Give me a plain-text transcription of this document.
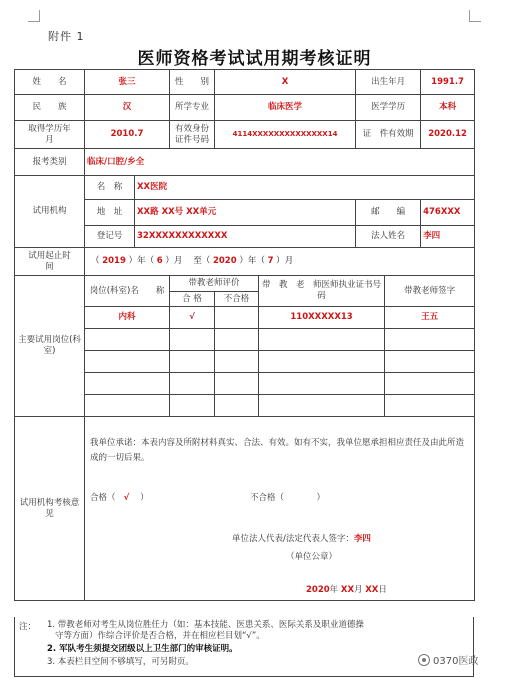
附件 1
医师资格考试试用期考核证明
姓　　名	张三		性　　别	X		出生年月		1991.7
民　　族	汉		所学专业	临床医学		医学学历		本科
取得学历年　　月	2010.7		有效身份证件号码	4114XXXXXXXXXXXXXX14		证　件有效期		2020.12
报考类别	临床/口腔/乡全							
试用机构	名　称	XX医院						
	地　址	XX路 XX号 XX单元				邮　　编		476XXX
	登记号	32XXXXXXXXXXXX				法人姓名		李四
试用起止时　　间	（ 2019 ）年（ 6 ）月 至（ 2020 ）年（ 7 ）月							
主要试用岗位(科室)	岗位(科室)名　　称		带教老师评价		带　教　老　师医师执业证书号码		带教老师签字	
			合 格	不合格				
	内科		√		110XXXXX13		王五	

试用机构考核意见								
我单位承诺：本表内容及所附材料真实、合法、有效。如有不实，我单位愿承担相应责任及由此所造成的一切后果。
合格（ √ ）	不合格（	）
单位法人代表/法定代表人签字：李四
（单位公章）
2020年 XX月 XX日
注： 1. 带教老师对考生从岗位胜任力（如：基本技能、医患关系、医际关系及职业道德操
守等方面）作综合评价是否合格，并在相应栏目划“√”。
2. 军队考生须提交团级以上卫生部门的审核证明。
3. 本表栏目空间不够填写，可另附页。	0370医政
